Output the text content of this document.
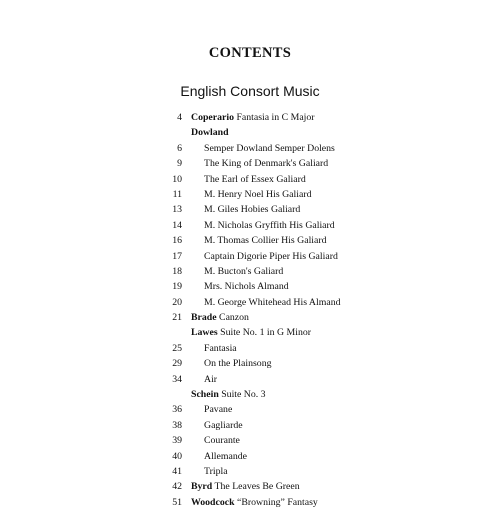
CONTENTS
English Consort Music
4 Coperario Fantasia in C Major
Dowland
6 Semper Dowland Semper Dolens
9 The King of Denmark's Galiard
10 The Earl of Essex Galiard
11 M. Henry Noel His Galiard
13 M. Giles Hobies Galiard
14 M. Nicholas Gryffith His Galiard
16 M. Thomas Collier His Galiard
17 Captain Digorie Piper His Galiard
18 M. Bucton's Galiard
19 Mrs. Nichols Almand
20 M. George Whitehead His Almand
21 Brade Canzon
Lawes Suite No. 1 in G Minor
25 Fantasia
29 On the Plainsong
34 Air
Schein Suite No. 3
36 Pavane
38 Gagliarde
39 Courante
40 Allemande
41 Tripla
42 Byrd The Leaves Be Green
51 Woodcock “Browning” Fantasy
